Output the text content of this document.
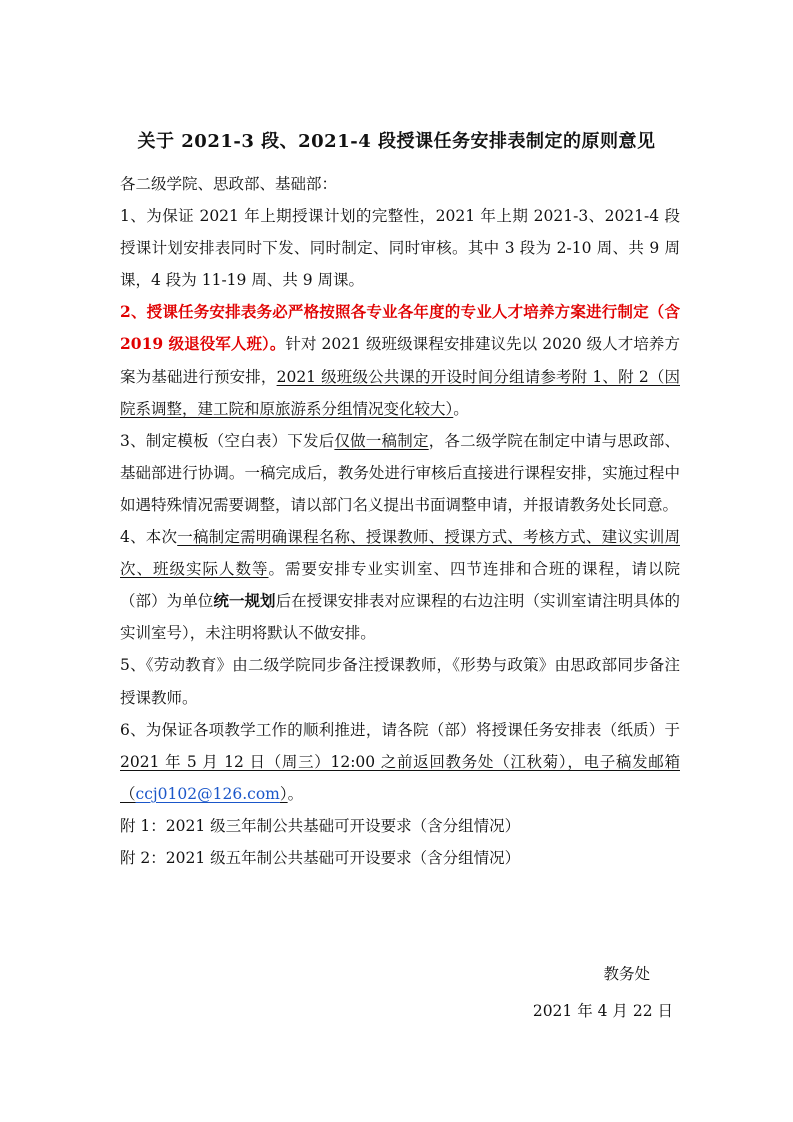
关于 2021-3 段、2021-4 段授课任务安排表制定的原则意见

各二级学院、思政部、基础部：

1、为保证 2021 年上期授课计划的完整性，2021 年上期 2021-3、2021-4 段授课计划安排表同时下发、同时制定、同时审核。其中 3 段为 2-10 周、共 9 周课，4 段为 11-19 周、共 9 周课。

2、授课任务安排表务必严格按照各专业各年度的专业人才培养方案进行制定（含 2019 级退役军人班）。针对 2021 级班级课程安排建议先以 2020 级人才培养方案为基础进行预安排，2021 级班级公共课的开设时间分组请参考附 1、附 2（因院系调整，建工院和原旅游系分组情况变化较大）。

3、制定模板（空白表）下发后仅做一稿制定，各二级学院在制定中请与思政部、基础部进行协调。一稿完成后，教务处进行审核后直接进行课程安排，实施过程中如遇特殊情况需要调整，请以部门名义提出书面调整申请，并报请教务处长同意。

4、本次一稿制定需明确课程名称、授课教师、授课方式、考核方式、建议实训周次、班级实际人数等。需要安排专业实训室、四节连排和合班的课程，请以院（部）为单位统一规划后在授课安排表对应课程的右边注明（实训室请注明具体的实训室号），未注明将默认不做安排。

5、《劳动教育》由二级学院同步备注授课教师，《形势与政策》由思政部同步备注授课教师。

6、为保证各项教学工作的顺利推进，请各院（部）将授课任务安排表（纸质）于2021 年 5 月 12 日（周三）12:00 之前返回教务处（江秋菊），电子稿发邮箱（ccj0102@126.com）。

附 1：2021 级三年制公共基础可开设要求（含分组情况）

附 2：2021 级五年制公共基础可开设要求（含分组情况）

教务处
2021 年 4 月 22 日
